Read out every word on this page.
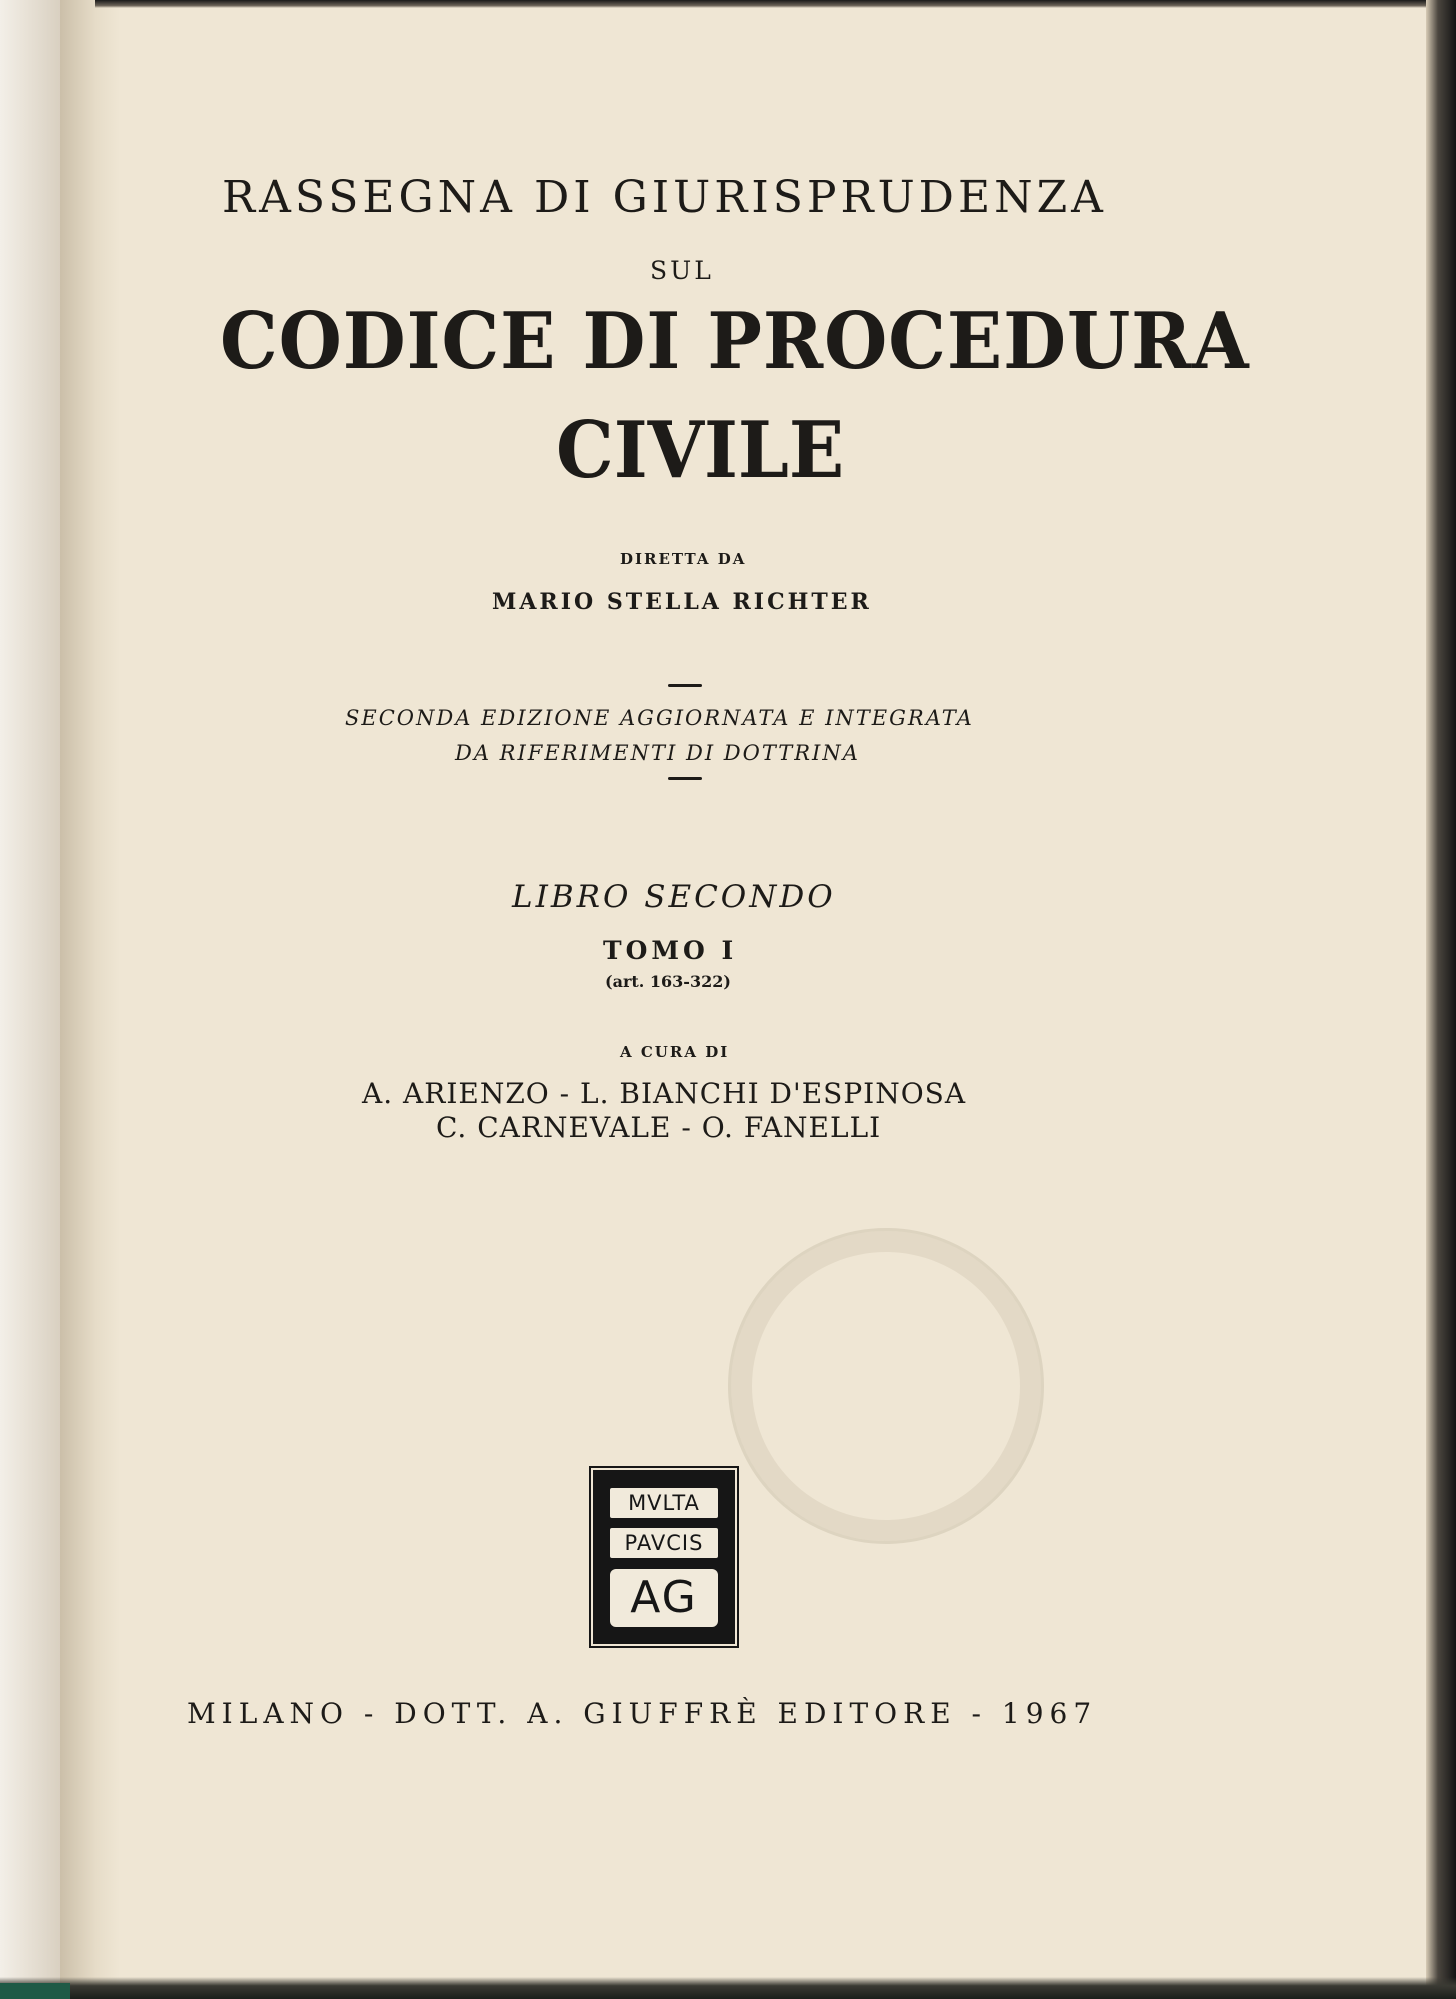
RASSEGNA DI GIURISPRUDENZA

SUL

CODICE DI PROCEDURA

CIVILE

DIRETTA DA

MARIO STELLA RICHTER

SECONDA EDIZIONE AGGIORNATA E INTEGRATA

DA RIFERIMENTI DI DOTTRINA

LIBRO SECONDO

TOMO I

(art. 163-322)

A CURA DI

A. ARIENZO - L. BIANCHI D'ESPINOSA

C. CARNEVALE - O. FANELLI

MVLTA
PAVCIS
AG

MILANO - DOTT. A. GIUFFRÈ EDITORE - 1967
